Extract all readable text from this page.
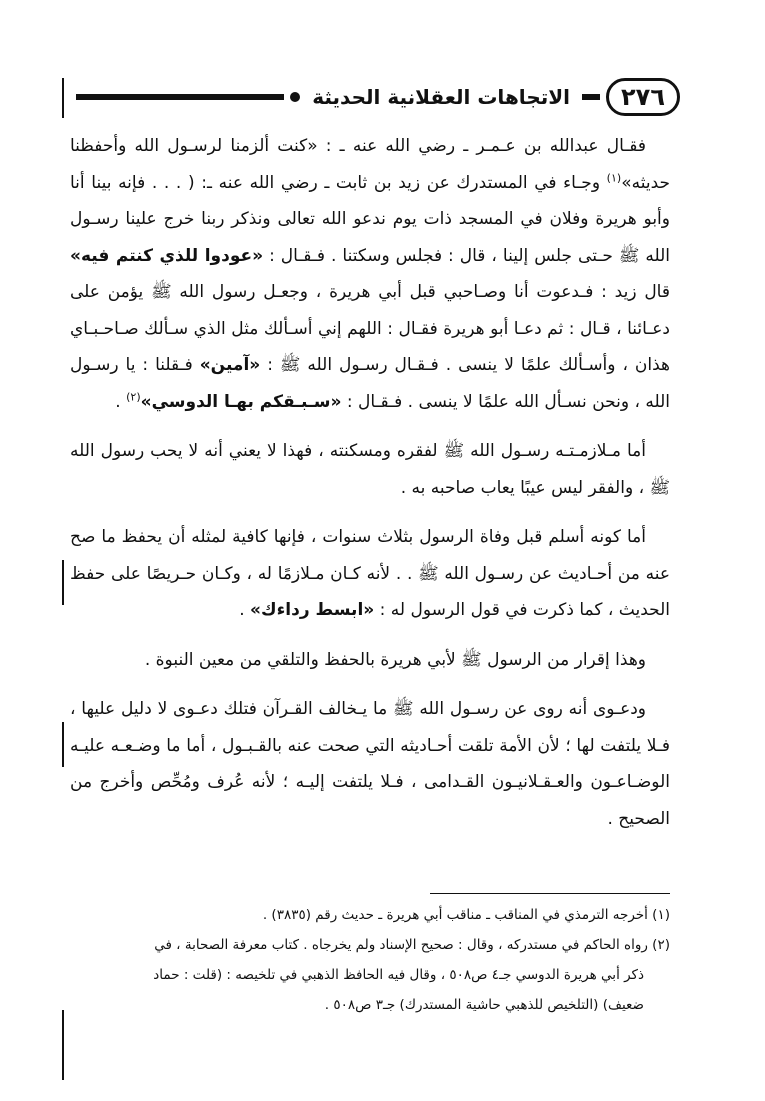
٢٧٦
الاتجاهات العقلانية الحديثة

فقـال عبدالله بن عـمـر ـ رضي الله عنه ـ : «كنت ألزمنا لرسـول الله وأحفظنا حديثه»$^{(١)}$ وجـاء في المستدرك عن زيد بن ثابت ـ رضي الله عنه ـ: ( . . . فإنه بينا أنا وأبو هريرة وفلان في المسجد ذات يوم ندعو الله تعالى ونذكر ربنا خرج علينا رسـول الله ﷺ حـتى جلس إلينا ، قال : فجلس وسكتنا . فـقـال : «عودوا للذي كنتم فيه» قال زيد : فـدعوت أنا وصـاحبي قبل أبي هريرة ، وجعـل رسول الله ﷺ يؤمن على دعـائنا ، قـال : ثم دعـا أبو هريرة فقـال : اللهم إني أسـألك مثل الذي سـألك صـاحـبـاي هذان ، وأسـألك علمًا لا ينسى . فـقـال رسـول الله ﷺ : «آمين» فـقلنا : يا رسـول الله ، ونحن نسـأل الله علمًا لا ينسى . فـقـال : «سـبـقكم بهـا الدوسي»$^{(٢)}$ .

أما مـلازمـتـه رسـول الله ﷺ لفقره ومسكنته ، فهذا لا يعني أنه لا يحب رسول الله ﷺ ، والفقر ليس عيبًا يعاب صاحبه به .

أما كونه أسلم قبل وفاة الرسول بثلاث سنوات ، فإنها كافية لمثله أن يحفظ ما صح عنه من أحـاديث عن رسـول الله ﷺ . . لأنه كـان مـلازمًا له ، وكـان حـريصًا على حفظ الحديث ، كما ذكرت في قول الرسول له : «ابسط رداءك» .

وهذا إقرار من الرسول ﷺ لأبي هريرة بالحفظ والتلقي من معين النبوة .

ودعـوى أنه روى عن رسـول الله ﷺ ما يـخالف القـرآن فتلك دعـوى لا دليل عليها ، فـلا يلتفت لها ؛ لأن الأمة تلقت أحـاديثه التي صحت عنه بالقـبـول ، أما ما وضـعـه عليـه الوضـاعـون والعـقـلانيـون القـدامى ، فـلا يلتفت إليـه ؛ لأنه عُرف ومُحِّص وأخرج من الصحيح .

(١) أخرجه الترمذي في المناقب ـ مناقب أبي هريرة ـ حديث رقم (٣٨٣٥) .

(٢) رواه الحاكم في مستدركه ، وقال : صحيح الإسناد ولم يخرجاه . كتاب معرفة الصحابة ، في

ذكر أبي هريرة الدوسي جـ٤ ص٥٠٨ ، وقال فيه الحافظ الذهبي في تلخيصه : (قلت : حماد

ضعيف) (التلخيص للذهبي حاشية المستدرك) جـ٣ ص٥٠٨ .
